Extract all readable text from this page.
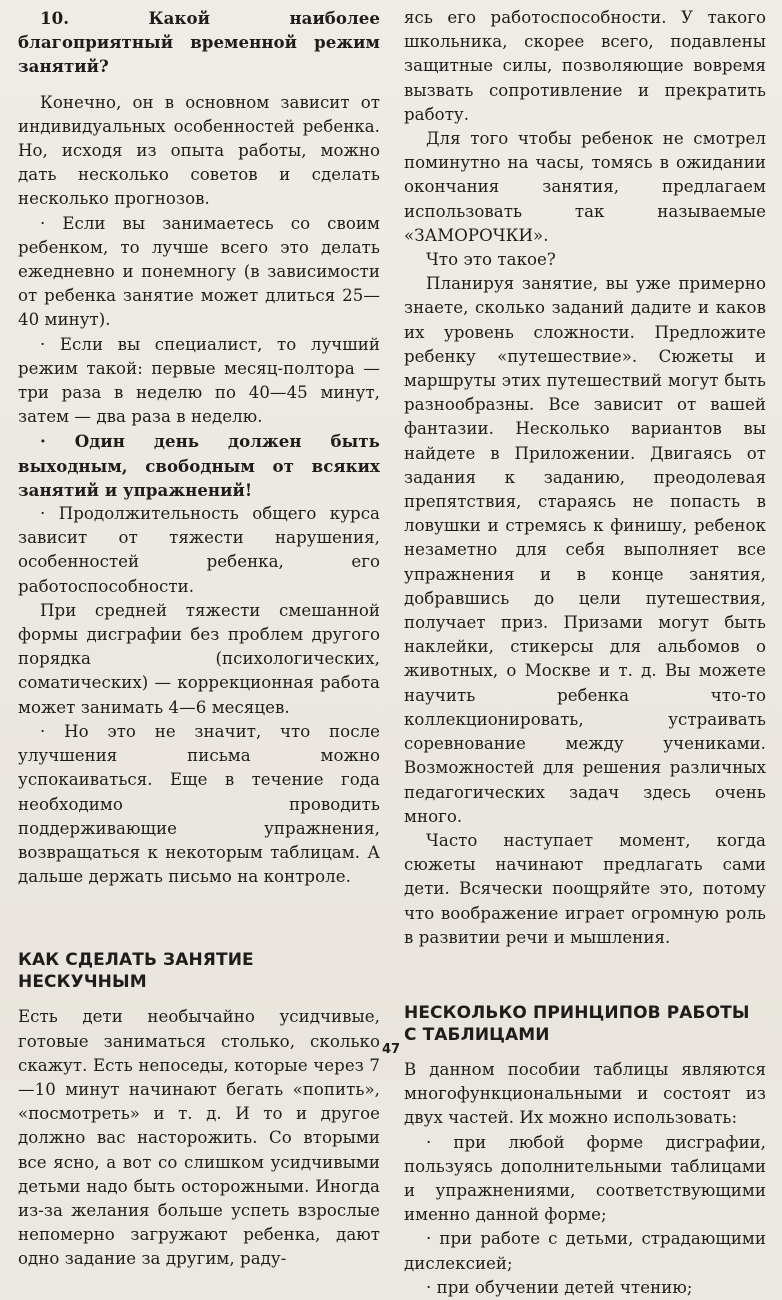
10. Какой наиболее благоприятный временной режим занятий?

Конечно, он в основном зависит от индивидуальных особенностей ребенка. Но, исходя из опыта работы, можно дать несколько советов и сделать несколько прогнозов.

· Если вы занимаетесь со своим ребенком, то лучше всего это делать ежедневно и понемногу (в зависимости от ребенка занятие может длиться 25—40 минут).

· Если вы специалист, то лучший режим такой: первые месяц-полтора — три раза в неделю по 40—45 минут, затем — два раза в неделю.

· Один день должен быть выходным, свободным от всяких занятий и упражнений!

· Продолжительность общего курса зависит от тяжести нарушения, особенностей ребенка, его работоспособности.

При средней тяжести смешанной формы дисграфии без проблем другого порядка (психологических, соматических) — коррекционная работа может занимать 4—6 месяцев.

· Но это не значит, что после улучшения письма можно успокаиваться. Еще в течение года необходимо проводить поддерживающие упражнения, возвращаться к некоторым таблицам. А дальше держать письмо на контроле.

КАК СДЕЛАТЬ ЗАНЯТИЕ НЕСКУЧНЫМ

Есть дети необычайно усидчивые, готовые заниматься столько, сколько скажут. Есть непоседы, которые через 7—10 минут начинают бегать «попить», «посмотреть» и т. д. И то и другое должно вас насторожить. Со вторыми все ясно, а вот со слишком усидчивыми детьми надо быть осторожными. Иногда из-за желания больше успеть взрослые непомерно загружают ребенка, дают одно задание за другим, раду-

ясь его работоспособности. У такого школьника, скорее всего, подавлены защитные силы, позволяющие вовремя вызвать сопротивление и прекратить работу.

Для того чтобы ребенок не смотрел поминутно на часы, томясь в ожидании окончания занятия, предлагаем использовать так называемые «ЗАМОРОЧКИ».

Что это такое?

Планируя занятие, вы уже примерно знаете, сколько заданий дадите и каков их уровень сложности. Предложите ребенку «путешествие». Сюжеты и маршруты этих путешествий могут быть разнообразны. Все зависит от вашей фантазии. Несколько вариантов вы найдете в Приложении. Двигаясь от задания к заданию, преодолевая препятствия, стараясь не попасть в ловушки и стремясь к финишу, ребенок незаметно для себя выполняет все упражнения и в конце занятия, добравшись до цели путешествия, получает приз. Призами могут быть наклейки, стикерсы для альбомов о животных, о Москве и т. д. Вы можете научить ребенка что-то коллекционировать, устраивать соревнование между учениками. Возможностей для решения различных педагогических задач здесь очень много.

Часто наступает момент, когда сюжеты начинают предлагать сами дети. Всячески поощряйте это, потому что воображение играет огромную роль в развитии речи и мышления.

НЕСКОЛЬКО ПРИНЦИПОВ РАБОТЫ С ТАБЛИЦАМИ

В данном пособии таблицы являются многофункциональными и состоят из двух частей. Их можно использовать:

· при любой форме дисграфии, пользуясь дополнительными таблицами и упражнениями, соответствующими именно данной форме;

· при работе с детьми, страдающими дислексией;

· при обучении детей чтению;

47
